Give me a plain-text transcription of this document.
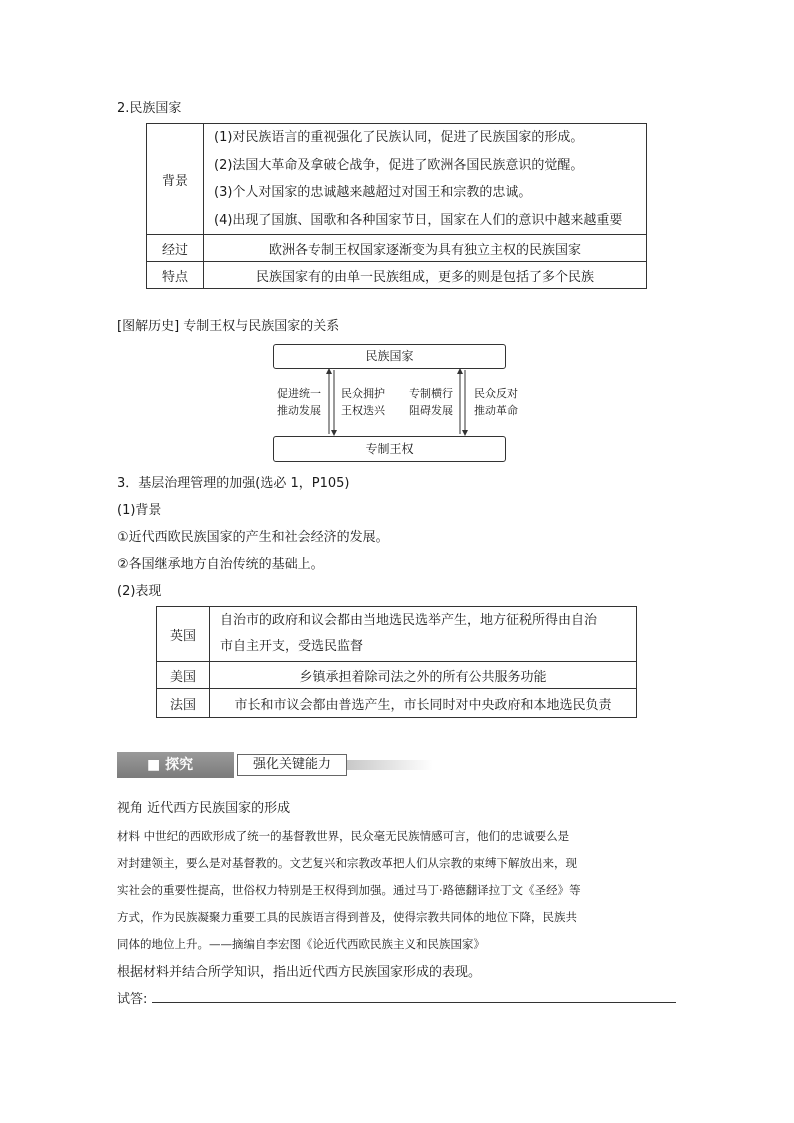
2.民族国家
背景	(1)对民族语言的重视强化了民族认同，促进了民族国家的形成。
(2)法国大革命及拿破仑战争，促进了欧洲各国民族意识的觉醒。
(3)个人对国家的忠诚越来越超过对国王和宗教的忠诚。
(4)出现了国旗、国歌和各种国家节日，国家在人们的意识中越来越重要

经过	欧洲各专制王权国家逐渐变为具有独立主权的民族国家
特点	民族国家有的由单一民族组成，更多的则是包括了多个民族
[图解历史] 专制王权与民族国家的关系
民族国家
专制王权
促进统一
推动发展
民众拥护
王权迭兴
专制横行
阻碍发展
民众反对
推动革命
3．基层治理管理的加强(选必 1，P105)
(1)背景
①近代西欧民族国家的产生和社会经济的发展。
②各国继承地方自治传统的基础上。
(2)表现
英国	自治市的政府和议会都由当地选民选举产生，地方征税所得由自治
市自主开支，受选民监督

美国	乡镇承担着除司法之外的所有公共服务功能
法国	市长和市议会都由普选产生，市长同时对中央政府和本地选民负责
■ 探究	强化关键能力
视角 近代西方民族国家的形成
材料 中世纪的西欧形成了统一的基督教世界，民众毫无民族情感可言，他们的忠诚要么是
对封建领主，要么是对基督教的。文艺复兴和宗教改革把人们从宗教的束缚下解放出来，现
实社会的重要性提高，世俗权力特别是王权得到加强。通过马丁·路德翻译拉丁文《圣经》等
方式，作为民族凝聚力重要工具的民族语言得到普及，使得宗教共同体的地位下降，民族共
同体的地位上升。——摘编自李宏图《论近代西欧民族主义和民族国家》
根据材料并结合所学知识，指出近代西方民族国家形成的表现。
试答:
